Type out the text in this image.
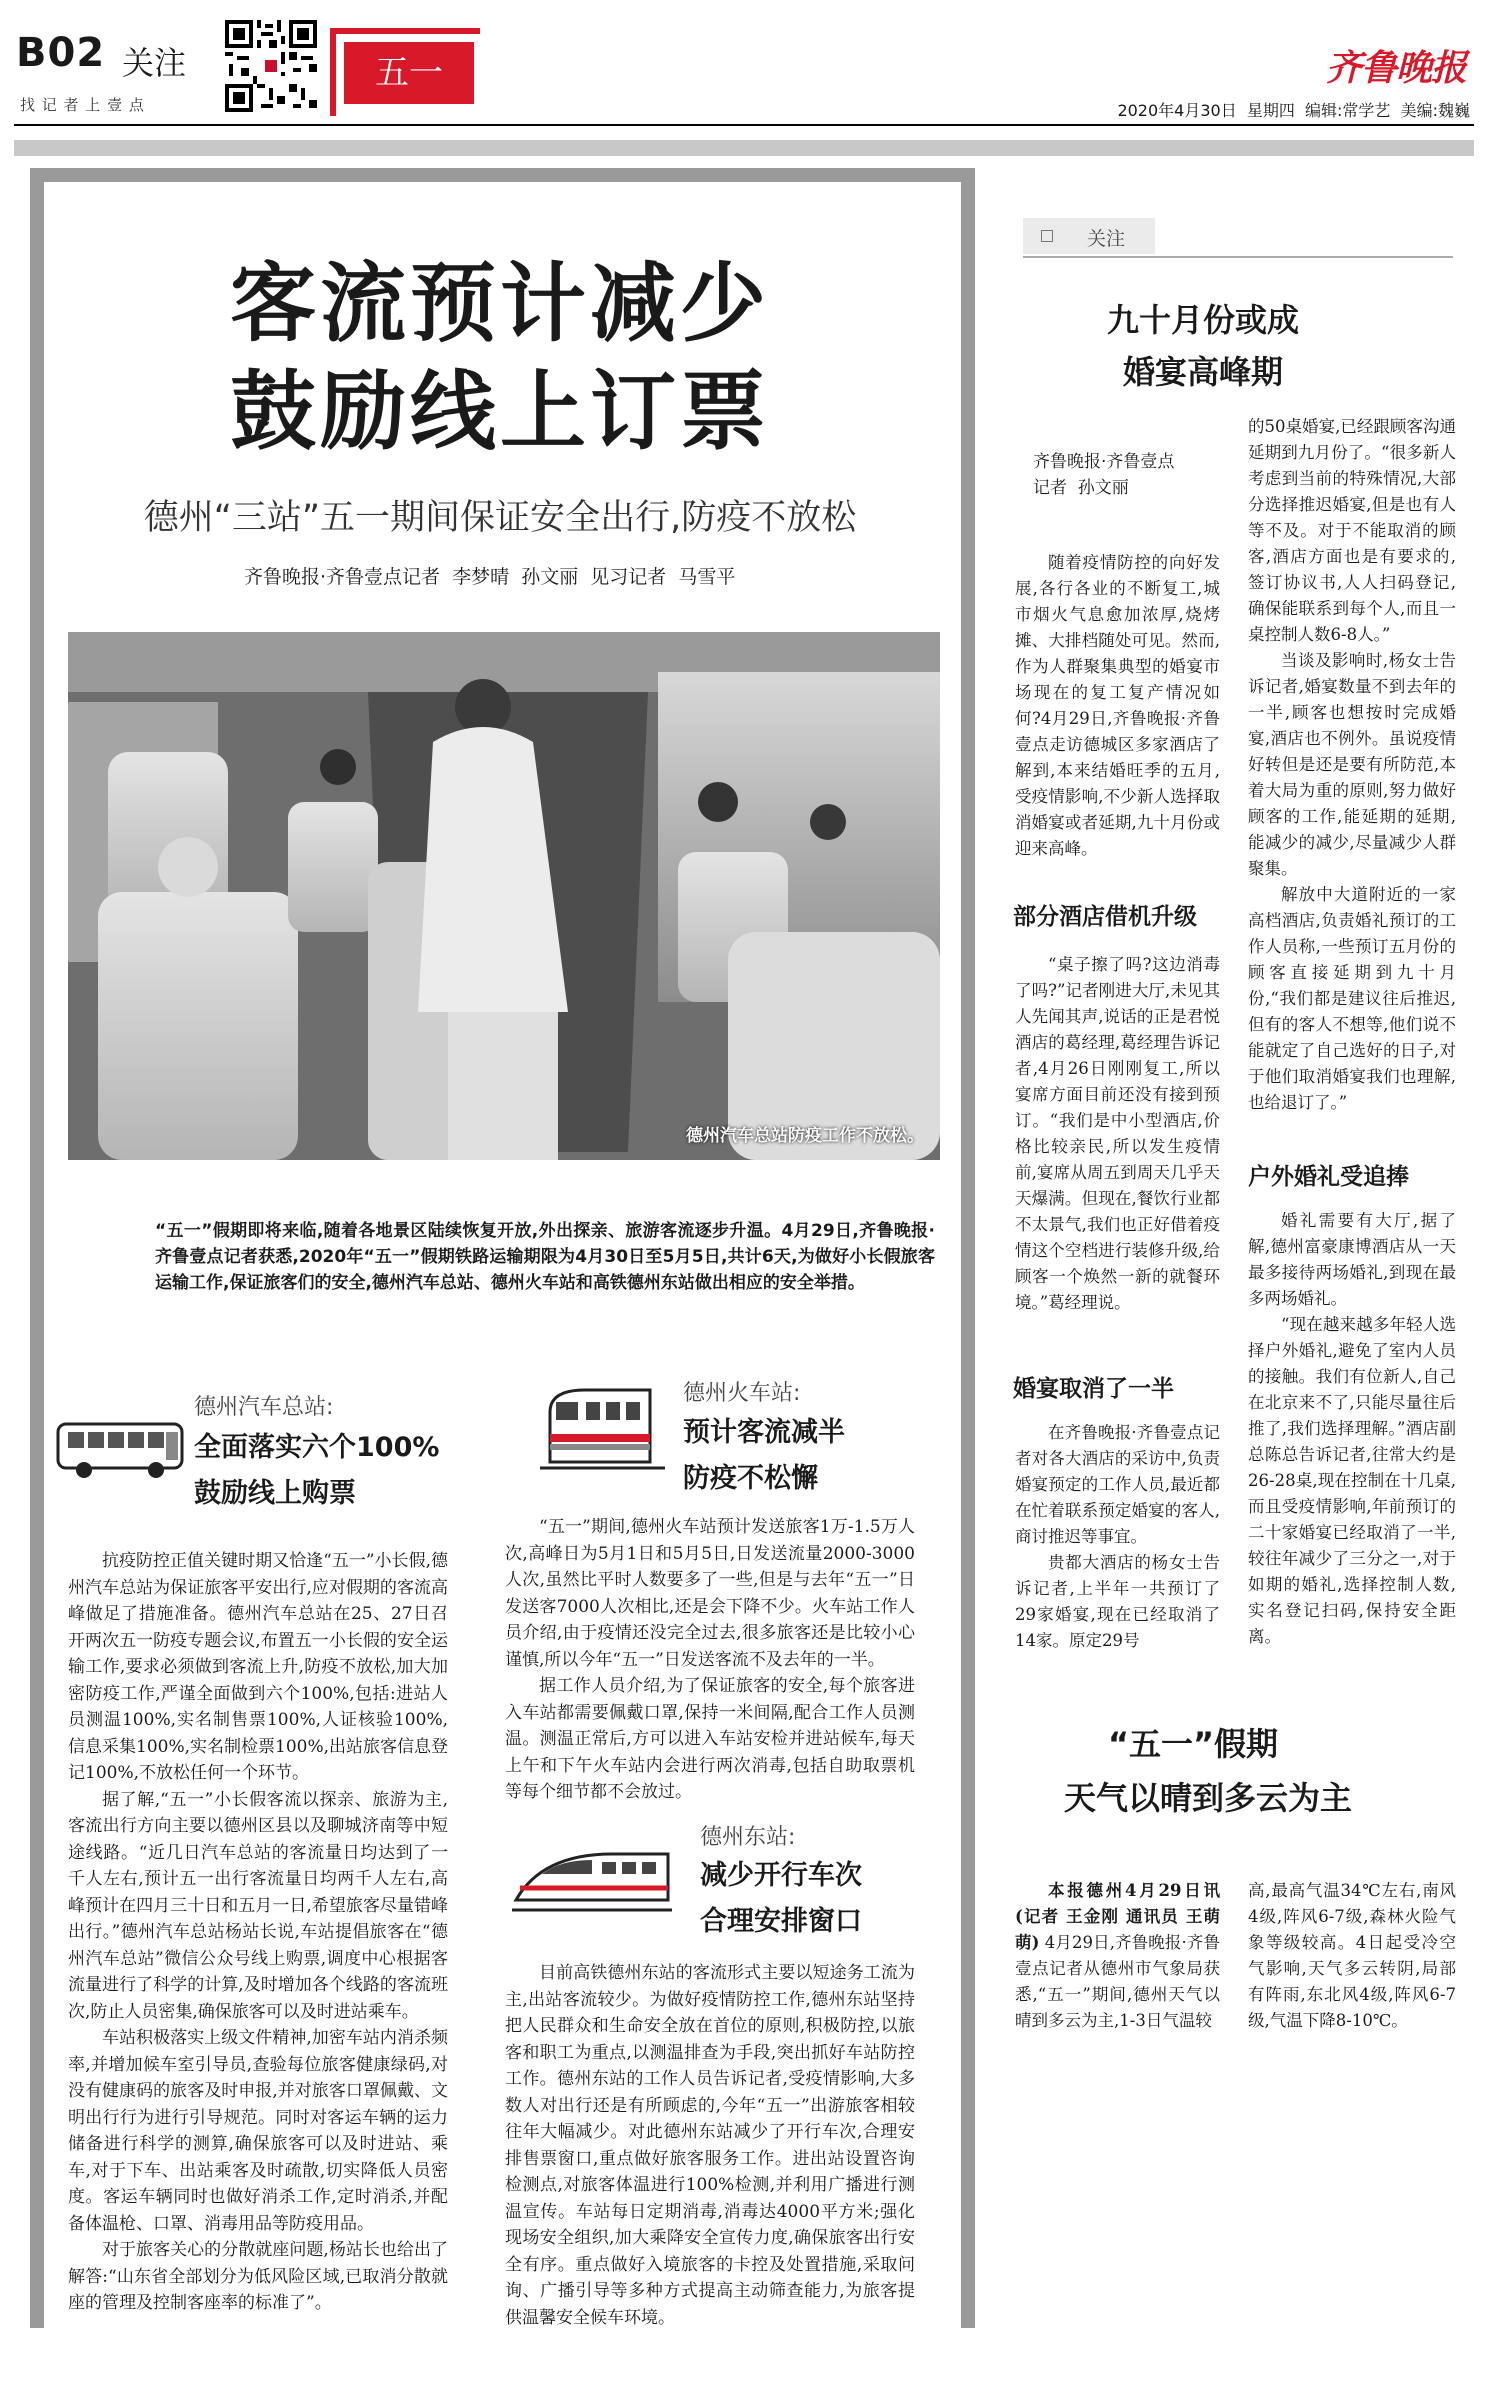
B02 关注
找 记 者 上 壹 点
五一	齐鲁晚报
2020年4月30日  星期四  编辑:常学艺  美编:魏巍
客流预计减少
鼓励线上订票
德州“三站”五一期间保证安全出行,防疫不放松
齐鲁晚报·齐鲁壹点记者  李梦晴  孙文丽  见习记者  马雪平
德州汽车总站防疫工作不放松。
“五一”假期即将来临,随着各地景区陆续恢复开放,外出探亲、旅游客流逐步升温。4月29日,齐鲁晚报·齐鲁壹点记者获悉,2020年“五一”假期铁路运输期限为4月30日至5月5日,共计6天,为做好小长假旅客运输工作,保证旅客们的安全,德州汽车总站、德州火车站和高铁德州东站做出相应的安全举措。
德州汽车总站:
全面落实六个100%
鼓励线上购票

抗疫防控正值关键时期又恰逢“五一”小长假,德州汽车总站为保证旅客平安出行,应对假期的客流高峰做足了措施准备。德州汽车总站在25、27日召开两次五一防疫专题会议,布置五一小长假的安全运输工作,要求必须做到客流上升,防疫不放松,加大加密防疫工作,严谨全面做到六个100%,包括:进站人员测温100%,实名制售票100%,人证核验100%,信息采集100%,实名制检票100%,出站旅客信息登记100%,不放松任何一个环节。

据了解,“五一”小长假客流以探亲、旅游为主,客流出行方向主要以德州区县以及聊城济南等中短途线路。“近几日汽车总站的客流量日均达到了一千人左右,预计五一出行客流量日均两千人左右,高峰预计在四月三十日和五月一日,希望旅客尽量错峰出行。”德州汽车总站杨站长说,车站提倡旅客在“德州汽车总站”微信公众号线上购票,调度中心根据客流量进行了科学的计算,及时增加各个线路的客流班次,防止人员密集,确保旅客可以及时进站乘车。

车站积极落实上级文件精神,加密车站内消杀频率,并增加候车室引导员,查验每位旅客健康绿码,对没有健康码的旅客及时申报,并对旅客口罩佩戴、文明出行行为进行引导规范。同时对客运车辆的运力储备进行科学的测算,确保旅客可以及时进站、乘车,对于下车、出站乘客及时疏散,切实降低人员密度。客运车辆同时也做好消杀工作,定时消杀,并配备体温枪、口罩、消毒用品等防疫用品。

对于旅客关心的分散就座问题,杨站长也给出了解答:“山东省全部划分为低风险区域,已取消分散就座的管理及控制客座率的标准了”。

德州火车站:
预计客流减半
防疫不松懈

“五一”期间,德州火车站预计发送旅客1万-1.5万人次,高峰日为5月1日和5月5日,日发送流量2000-3000人次,虽然比平时人数要多了一些,但是与去年“五一”日发送客7000人次相比,还是会下降不少。火车站工作人员介绍,由于疫情还没完全过去,很多旅客还是比较小心谨慎,所以今年“五一”日发送客流不及去年的一半。

据工作人员介绍,为了保证旅客的安全,每个旅客进入车站都需要佩戴口罩,保持一米间隔,配合工作人员测温。测温正常后,方可以进入车站安检并进站候车,每天上午和下午火车站内会进行两次消毒,包括自助取票机等每个细节都不会放过。

德州东站:
减少开行车次
合理安排窗口

目前高铁德州东站的客流形式主要以短途务工流为主,出站客流较少。为做好疫情防控工作,德州东站坚持把人民群众和生命安全放在首位的原则,积极防控,以旅客和职工为重点,以测温排查为手段,突出抓好车站防控工作。德州东站的工作人员告诉记者,受疫情影响,大多数人对出行还是有所顾虑的,今年“五一”出游旅客相较往年大幅减少。对此德州东站减少了开行车次,合理安排售票窗口,重点做好旅客服务工作。进出站设置咨询检测点,对旅客体温进行100%检测,并利用广播进行测温宣传。车站每日定期消毒,消毒达4000平方米;强化现场安全组织,加大乘降安全宣传力度,确保旅客出行安全有序。重点做好入境旅客的卡控及处置措施,采取问询、广播引导等多种方式提高主动筛查能力,为旅客提供温馨安全候车环境。

关注
九十月份或成
婚宴高峰期
齐鲁晚报·齐鲁壹点
记者  孙文丽

随着疫情防控的向好发展,各行各业的不断复工,城市烟火气息愈加浓厚,烧烤摊、大排档随处可见。然而,作为人群聚集典型的婚宴市场现在的复工复产情况如何?4月29日,齐鲁晚报·齐鲁壹点走访德城区多家酒店了解到,本来结婚旺季的五月,受疫情影响,不少新人选择取消婚宴或者延期,九十月份或迎来高峰。

部分酒店借机升级

“桌子擦了吗?这边消毒了吗?”记者刚进大厅,未见其人先闻其声,说话的正是君悦酒店的葛经理,葛经理告诉记者,4月26日刚刚复工,所以宴席方面目前还没有接到预订。“我们是中小型酒店,价格比较亲民,所以发生疫情前,宴席从周五到周天几乎天天爆满。但现在,餐饮行业都不太景气,我们也正好借着疫情这个空档进行装修升级,给顾客一个焕然一新的就餐环境。”葛经理说。

婚宴取消了一半

在齐鲁晚报·齐鲁壹点记者对各大酒店的采访中,负责婚宴预定的工作人员,最近都在忙着联系预定婚宴的客人,商讨推迟等事宜。

贵都大酒店的杨女士告诉记者,上半年一共预订了29家婚宴,现在已经取消了14家。原定29号

的50桌婚宴,已经跟顾客沟通延期到九月份了。“很多新人考虑到当前的特殊情况,大部分选择推迟婚宴,但是也有人等不及。对于不能取消的顾客,酒店方面也是有要求的,签订协议书,人人扫码登记,确保能联系到每个人,而且一桌控制人数6-8人。”

当谈及影响时,杨女士告诉记者,婚宴数量不到去年的一半,顾客也想按时完成婚宴,酒店也不例外。虽说疫情好转但是还是要有所防范,本着大局为重的原则,努力做好顾客的工作,能延期的延期,能减少的减少,尽量减少人群聚集。

解放中大道附近的一家高档酒店,负责婚礼预订的工作人员称,一些预订五月份的顾客直接延期到九十月份,“我们都是建议往后推迟,但有的客人不想等,他们说不能就定了自己选好的日子,对于他们取消婚宴我们也理解,也给退订了。”

户外婚礼受追捧

婚礼需要有大厅,据了解,德州富豪康博酒店从一天最多接待两场婚礼,到现在最多两场婚礼。

“现在越来越多年轻人选择户外婚礼,避免了室内人员的接触。我们有位新人,自己在北京来不了,只能尽量往后推了,我们选择理解。”酒店副总陈总告诉记者,往常大约是26-28桌,现在控制在十几桌,而且受疫情影响,年前预订的二十家婚宴已经取消了一半,较往年减少了三分之一,对于如期的婚礼,选择控制人数,实名登记扫码,保持安全距离。

“五一”假期
天气以晴到多云为主

本报德州4月29日讯(记者 王金刚 通讯员 王萌萌) 4月29日,齐鲁晚报·齐鲁壹点记者从德州市气象局获悉,“五一”期间,德州天气以晴到多云为主,1-3日气温较

高,最高气温34℃左右,南风4级,阵风6-7级,森林火险气象等级较高。4日起受冷空气影响,天气多云转阴,局部有阵雨,东北风4级,阵风6-7级,气温下降8-10℃。
